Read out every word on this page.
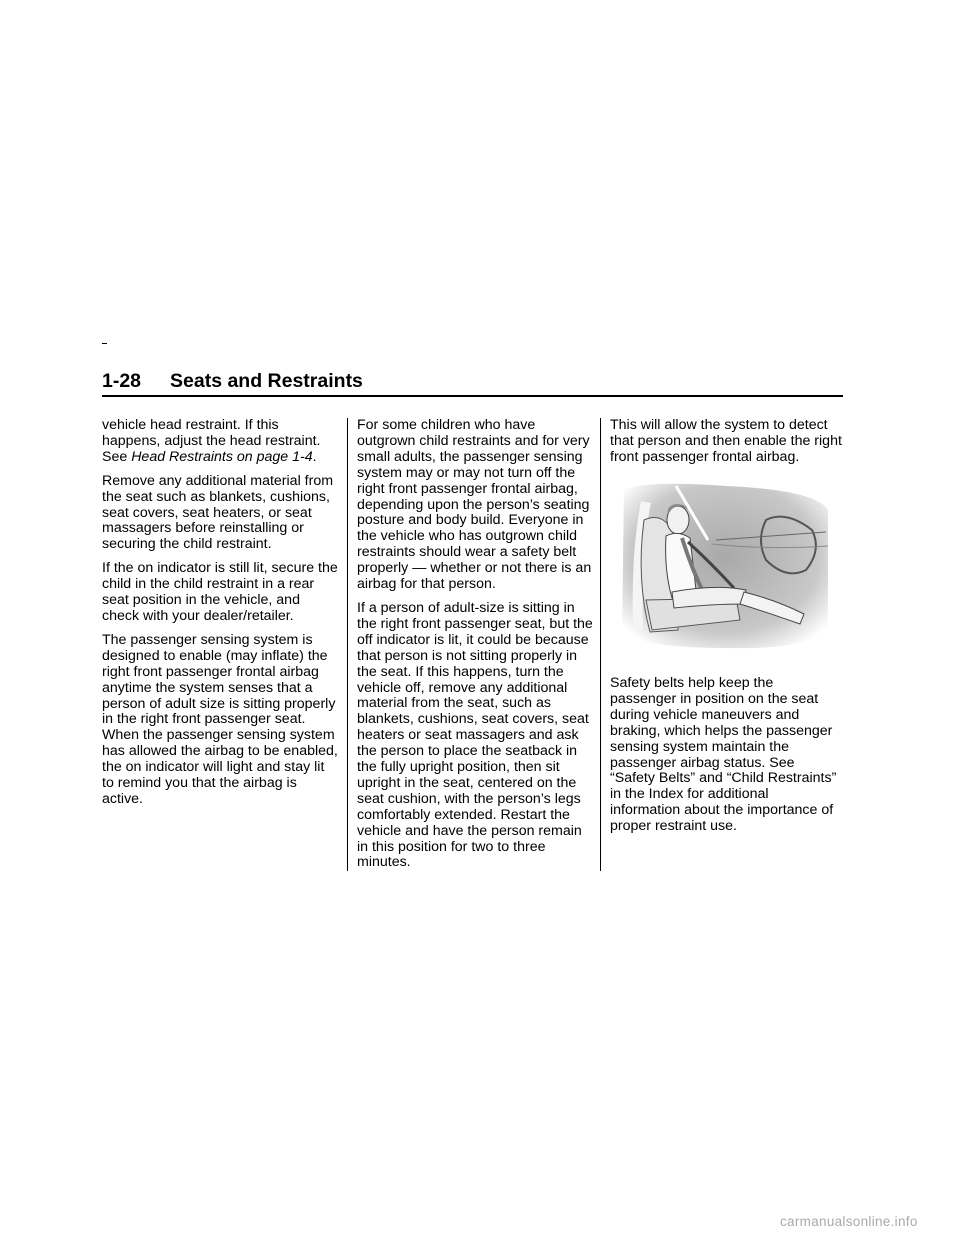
1-28 Seats and Restraints

vehicle head restraint. If this happens, adjust the head restraint. See Head Restraints on page 1-4.

Remove any additional material from the seat such as blankets, cushions, seat covers, seat heaters, or seat massagers before reinstalling or securing the child restraint.

If the on indicator is still lit, secure the child in the child restraint in a rear seat position in the vehicle, and check with your dealer/retailer.

The passenger sensing system is designed to enable (may inflate) the right front passenger frontal airbag anytime the system senses that a person of adult size is sitting properly in the right front passenger seat. When the passenger sensing system has allowed the airbag to be enabled, the on indicator will light and stay lit to remind you that the airbag is active.

For some children who have outgrown child restraints and for very small adults, the passenger sensing system may or may not turn off the right front passenger frontal airbag, depending upon the person’s seating posture and body build. Everyone in the vehicle who has outgrown child restraints should wear a safety belt properly — whether or not there is an airbag for that person.

If a person of adult-size is sitting in the right front passenger seat, but the off indicator is lit, it could be because that person is not sitting properly in the seat. If this happens, turn the vehicle off, remove any additional material from the seat, such as blankets, cushions, seat covers, seat heaters or seat massagers and ask the person to place the seatback in the fully upright position, then sit upright in the seat, centered on the seat cushion, with the person’s legs comfortably extended. Restart the vehicle and have the person remain in this position for two to three minutes.

This will allow the system to detect that person and then enable the right front passenger frontal airbag.

Safety belts help keep the passenger in position on the seat during vehicle maneuvers and braking, which helps the passenger sensing system maintain the passenger airbag status. See “Safety Belts” and “Child Restraints” in the Index for additional information about the importance of proper restraint use.

carmanualsonline.info
